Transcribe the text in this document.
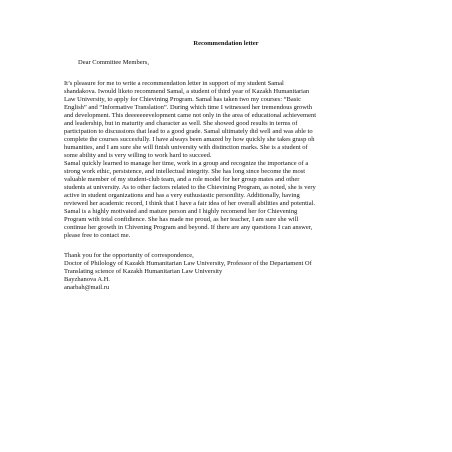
Recommendation letter
Dear Committee Members,

It’s pleasure for me to write a recommendation letter in support of my student Samal
shandakova. Iwould liketo recommend Samal, a student of third year of Kazakh Humanitarian
Law University, to apply for Chievining Program. Samal has taken two my courses: “Basic
English” and “Informative Translation”. During which time I witnessed her tremendous growth
and development. This deeeeeeevelopment came not only in the area of educational achievement
and leadership, but in maturity and character as well. She showed good results in terms of
participation to discussions that lead to a good grade. Samal ultimately did well and was able to
complete the courses succesfully. I have always been amazed by how quickly she takes grasp oh
humanities, and I am sure she will finish university with distinction marks. She is a student of
some ability and is very willing to work hard to succeed.

Samal quickly learned to manage her time, work in a group and recognize the importance of a
strong work ethic, persistence, and intellectual integrity. She has long since become the most
valuable member of my student-club team, and a role model for her group mates and other
students at university. As to other factors related to the Chievining Program, as noted, she is very
active in student organizations and has a very euthusiastic personility. Additionally, having
reviewed her academic record, I think that I have a fair idea of her overall abilities and potential.

Samal is a highly motivated and mature person and I highly recomend her for Chievening
Program with total confidience. She has made me proud, as her teacher, I am sure she will
continue her growth in Chivening Program and beyond. If there are any questions I can answer,
please free to contact me.

Thank you for the opportunity of correspondence,
Doctor of Philology of Kazakh Humanitarian Law University, Professor of the Departament Of
Translating science of Kazakh Humanitarian Law University
Bayzhanova A.H.
anarbah@mail.ru
